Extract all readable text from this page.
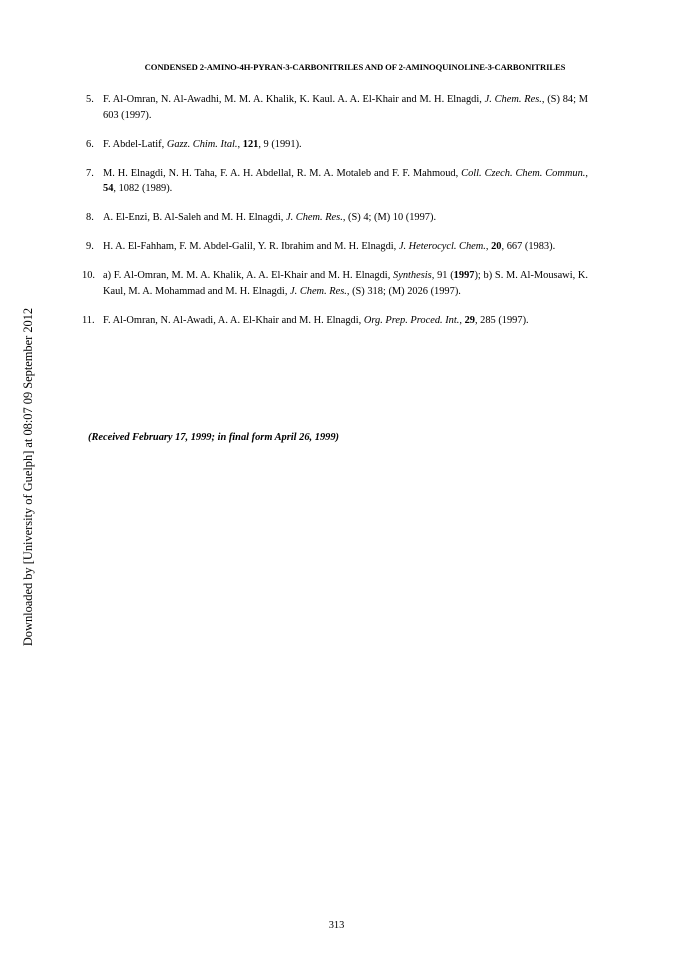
CONDENSED 2-AMINO-4H-PYRAN-3-CARBONITRILES AND OF 2-AMINOQUINOLINE-3-CARBONITRILES
Downloaded by [University of Guelph] at 08:07 09 September 2012
5. F. Al-Omran, N. Al-Awadhi, M. M. A. Khalik, K. Kaul. A. A. El-Khair and M. H. Elnagdi, J. Chem. Res., (S) 84; M 603 (1997).
6. F. Abdel-Latif, Gazz. Chim. Ital., 121, 9 (1991).
7. M. H. Elnagdi, N. H. Taha, F. A. H. Abdellal, R. M. A. Motaleb and F. F. Mahmoud, Coll. Czech. Chem. Commun., 54, 1082 (1989).
8. A. El-Enzi, B. Al-Saleh and M. H. Elnagdi, J. Chem. Res., (S) 4; (M) 10 (1997).
9. H. A. El-Fahham, F. M. Abdel-Galil, Y. R. Ibrahim and M. H. Elnagdi, J. Heterocycl. Chem., 20, 667 (1983).
10. a) F. Al-Omran, M. M. A. Khalik, A. A. El-Khair and M. H. Elnagdi, Synthesis, 91 (1997); b) S. M. Al-Mousawi, K. Kaul, M. A. Mohammad and M. H. Elnagdi, J. Chem. Res., (S) 318; (M) 2026 (1997).
11. F. Al-Omran, N. Al-Awadi, A. A. El-Khair and M. H. Elnagdi, Org. Prep. Proced. Int., 29, 285 (1997).
(Received February 17, 1999; in final form April 26, 1999)
313
